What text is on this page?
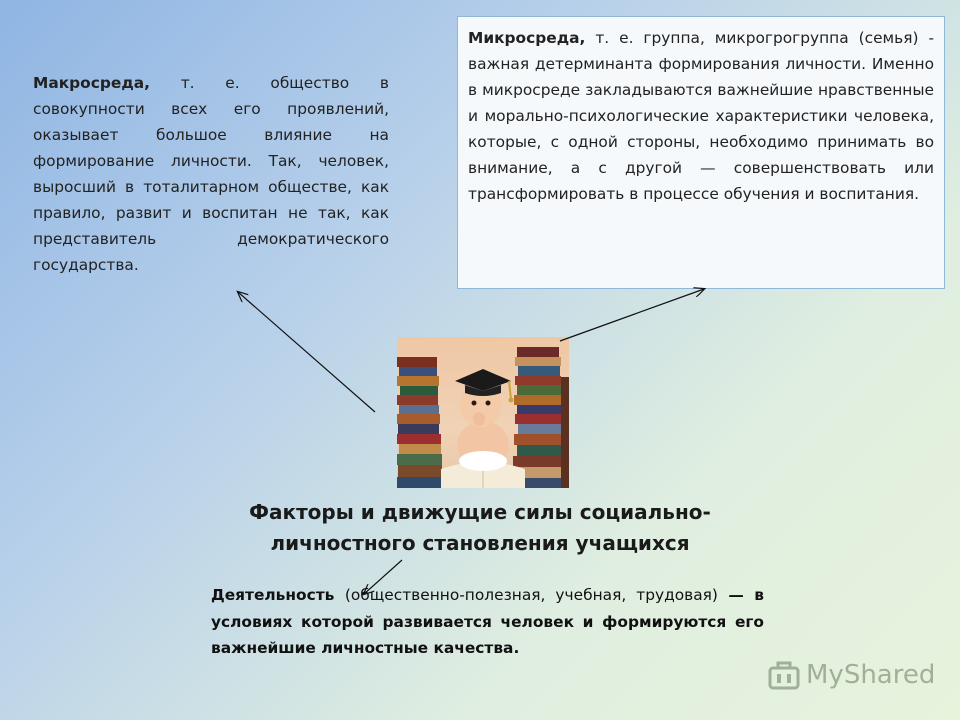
Макросреда, т. е. общество в совокупности всех его проявлений, оказывает большое влияние на формирование личности. Так, человек, выросший в тоталитарном обществе, как правило, развит и воспитан не так, как представитель демократического государства.
Микросреда, т. е. группа, микрогрогруппа (семья) - важная детерминанта формирования личности. Именно в микросреде закладываются важнейшие нравственные и морально-психологические характеристики человека, которые, с одной стороны, необходимо принимать во внимание, а с другой — совершенствовать или трансформировать в процессе обучения и воспитания.
Факторы и движущие силы социально-личностного становления учащихся
Деятельность (общественно-полезная, учебная, трудовая) — в условиях которой развивается человек и формируются его важнейшие личностные качества.
MyShared
